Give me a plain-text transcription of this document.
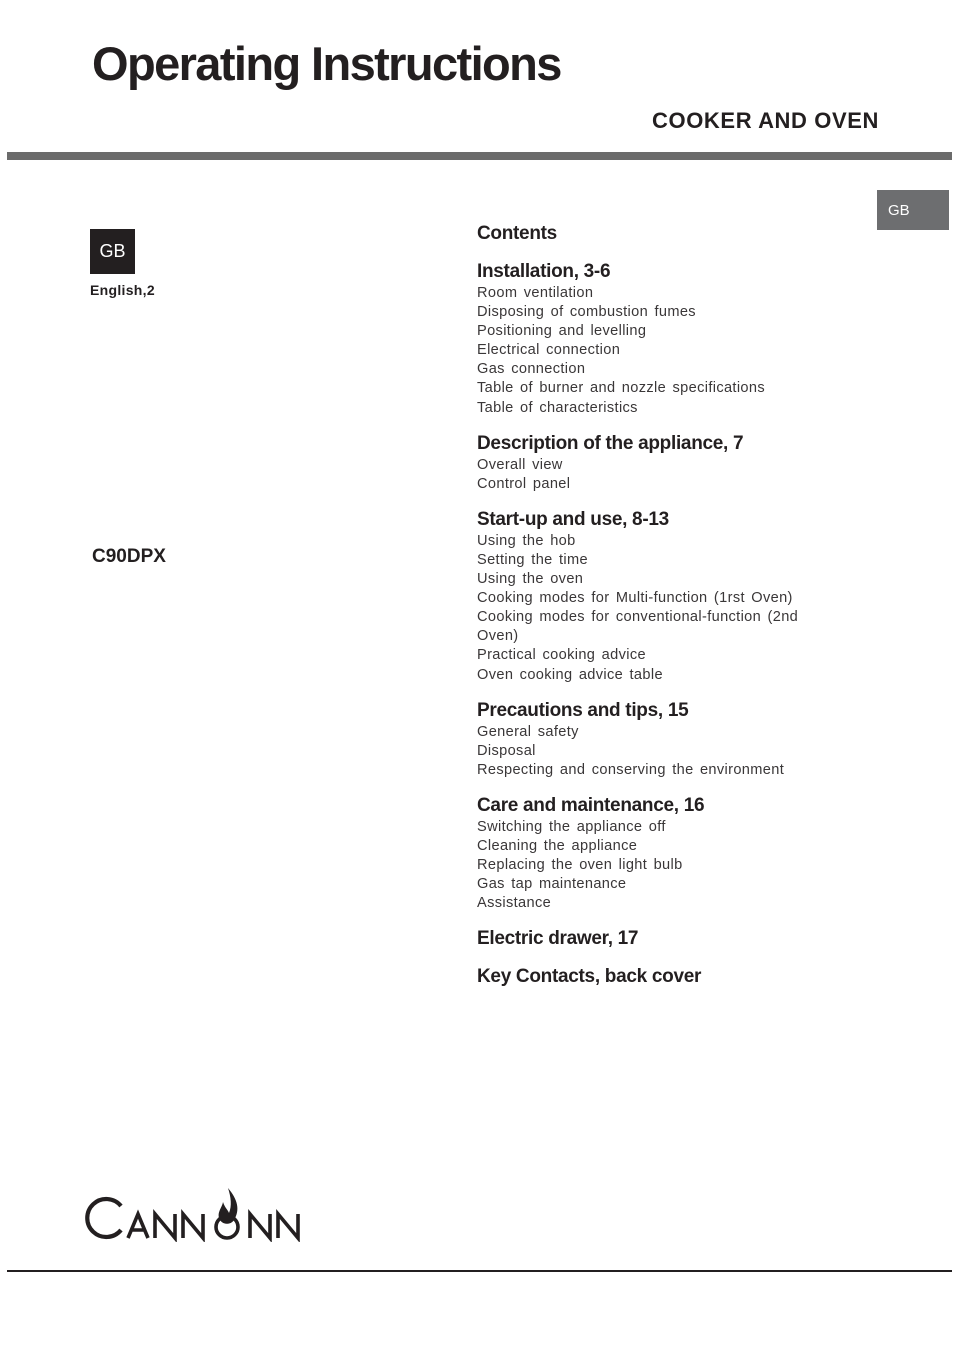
Operating Instructions
COOKER AND OVEN
GB
GB
English,2
C90DPX
Contents
Installation, 3-6
Room ventilation
Disposing of combustion fumes
Positioning and levelling
Electrical connection
Gas connection
Table of burner and nozzle specifications
Table of characteristics
Description of the appliance, 7
Overall view
Control panel
Start-up and use, 8-13
Using the hob
Setting the time
Using the oven
Cooking modes for Multi-function (1rst Oven)
Cooking modes for conventional-function (2nd Oven)
Practical cooking advice
Oven cooking advice table
Precautions and tips, 15
General safety
Disposal
Respecting and conserving the environment
Care and maintenance, 16
Switching the appliance off
Cleaning the appliance
Replacing the oven light bulb
Gas tap maintenance
Assistance
Electric drawer, 17
Key Contacts, back cover
